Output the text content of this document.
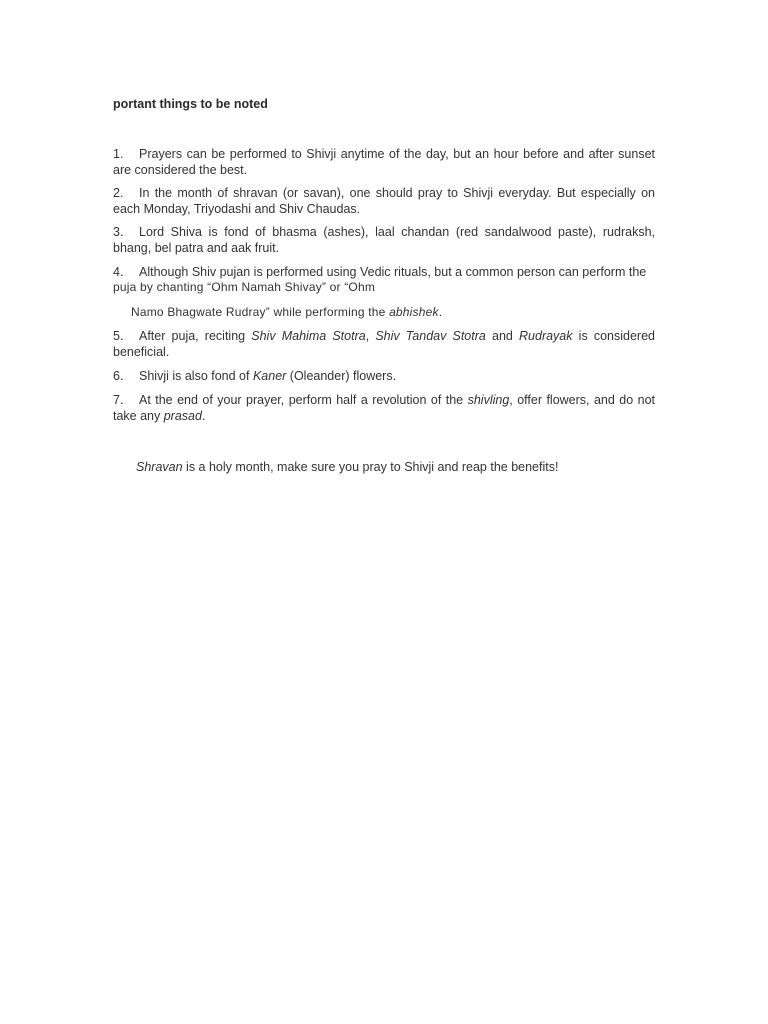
portant things to be noted
1. Prayers can be performed to Shivji anytime of the day, but an hour before and after sunset are considered the best.
2. In the month of shravan (or savan), one should pray to Shivji everyday. But especially on each Monday, Triyodashi and Shiv Chaudas.
3. Lord Shiva is fond of bhasma (ashes), laal chandan (red sandalwood paste), rudraksh, bhang, bel patra and aak fruit.
4. Although Shiv pujan is performed using Vedic rituals, but a common person can perform the
puja by chanting “Ohm Namah Shivay” or “Ohm
Namo Bhagwate Rudray” while performing the abhishek.
5. After puja, reciting Shiv Mahima Stotra, Shiv Tandav Stotra and Rudrayak is considered beneficial.
6. Shivji is also fond of Kaner (Oleander) flowers.
7. At the end of your prayer, perform half a revolution of the shivling, offer flowers, and do not take any prasad.
Shravan is a holy month, make sure you pray to Shivji and reap the benefits!
